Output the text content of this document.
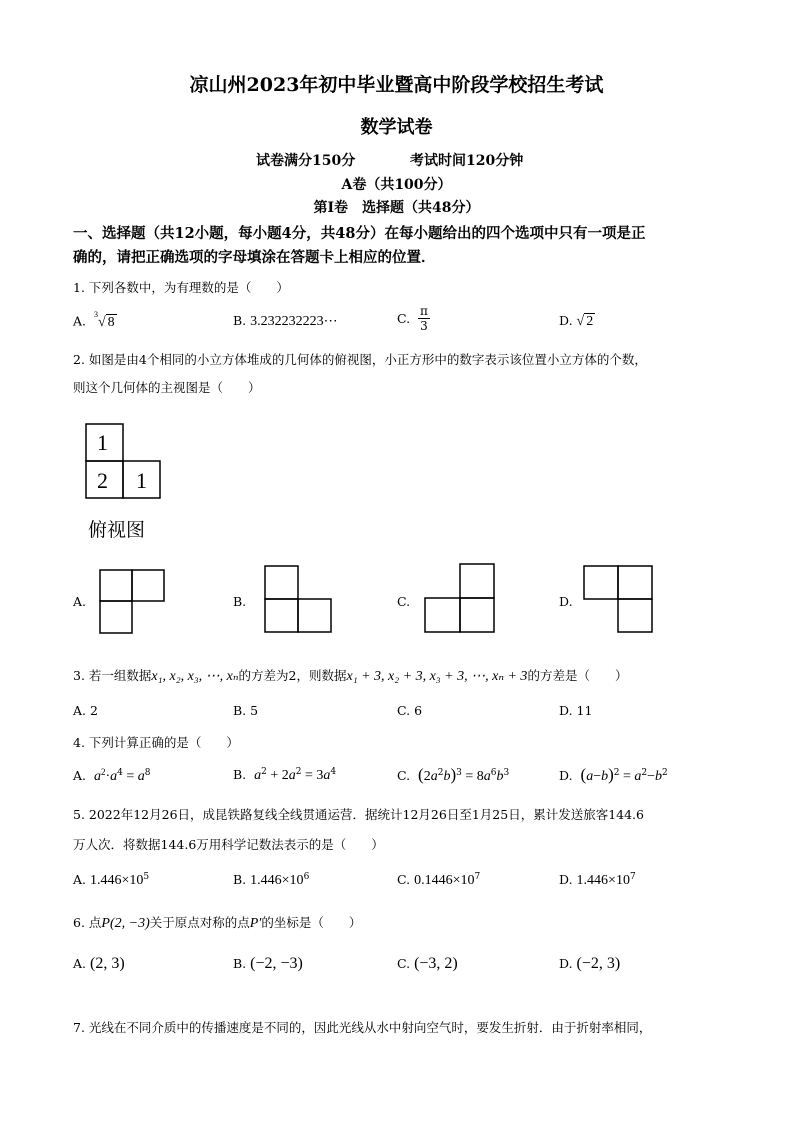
凉山州2023年初中毕业暨高中阶段学校招生考试
数学试卷
试卷满分150分	考试时间120分钟
A卷（共100分）
第Ⅰ卷　选择题（共48分）
一、选择题（共12小题，每小题4分，共48分）在每小题给出的四个选项中只有一项是正
确的，请把正确选项的字母填涂在答题卡上相应的位置．
1. 下列各数中，为有理数的是（　　）
A. $^3$√ 8	B. 3.232232223⋯	C. $\frac{\pi}{3}$	D. √ 2
2. 如图是由4个相同的小立方体堆成的几何体的俯视图，小正方形中的数字表示该位置小立方体的个数，
则这个几何体的主视图是（　　）
1
2 1
俯视图
A.	B.	C.	D.
3. 若一组数据x₁, x₂, x₃, ⋯, xₙ的方差为2，则数据x₁ + 3, x₂ + 3, x₃ + 3, ⋯, xₙ + 3的方差是（　　）
A. 2	B. 5	C. 6	D. 11
4. 下列计算正确的是（　　）
A. $a^2\cdot a^4 = a^8$	B. $a^2 + 2a^2 = 3a^4$	C. $(2a^2b)^3 = 8a^6b^3$	D. $(a-b)^2 = a^2-b^2$
5. 2022年12月26日，成昆铁路复线全线贯通运营．据统计12月26日至1月25日，累计发送旅客144.6
万人次．将数据144.6万用科学记数法表示的是（　　）
A. $1.446\times 10^5$	B. $1.446\times 10^6$	C. $0.1446\times 10^7$	D. $1.446\times 10^7$
6. 点P(2, −3)关于原点对称的点P′的坐标是（　　）
A. (2, 3)	B. (−2, −3)	C. (−3, 2)	D. (−2, 3)
7. 光线在不同介质中的传播速度是不同的，因此光线从水中射向空气时，要发生折射．由于折射率相同，
